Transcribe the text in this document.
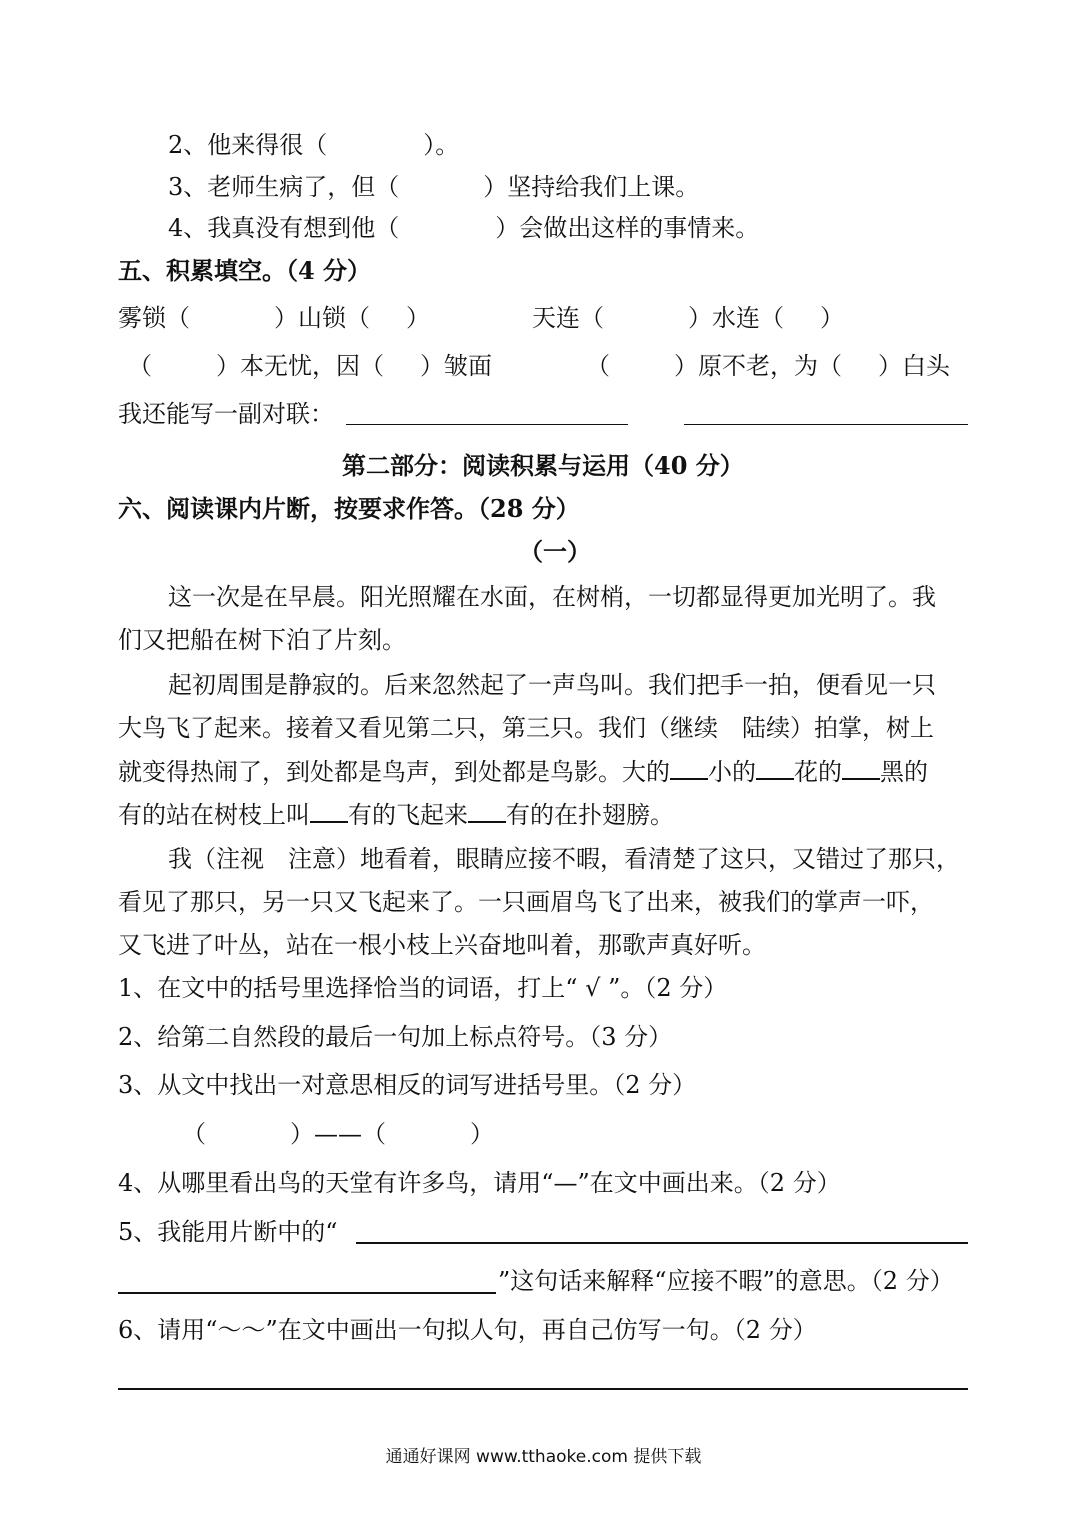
2、他来得很（	）。
3、老师生病了，但（	）坚持给我们上课。
4、我真没有想到他（	）会做出这样的事情来。
五、积累填空。（4 分）
雾锁（	）山锁（ ）	天连（	）水连（ ）
（	）本无忧，因（ ）皱面	（	）原不老，为（ ）白头
我还能写一副对联：
第二部分：阅读积累与运用（40 分）
六、阅读课内片断，按要求作答。（28 分）
（一）
这一次是在早晨。阳光照耀在水面，在树梢，一切都显得更加光明了。我
们又把船在树下泊了片刻。
起初周围是静寂的。后来忽然起了一声鸟叫。我们把手一拍，便看见一只
大鸟飞了起来。接着又看见第二只，第三只。我们（继续　陆续）拍掌，树上
就变得热闹了，到处都是鸟声，到处都是鸟影。大的 小的 花的 黑的
有的站在树枝上叫 有的飞起来 有的在扑翅膀。
我（注视　注意）地看着，眼睛应接不暇，看清楚了这只，又错过了那只，
看见了那只，另一只又飞起来了。一只画眉鸟飞了出来，被我们的掌声一吓，
又飞进了叶丛，站在一根小枝上兴奋地叫着，那歌声真好听。
1、在文中的括号里选择恰当的词语，打上“ √ ”。（2 分）
2、给第二自然段的最后一句加上标点符号。（3 分）
3、从文中找出一对意思相反的词写进括号里。（2 分）
（	）——（	）
4、从哪里看出鸟的天堂有许多鸟，请用“—”在文中画出来。（2 分）
5、我能用片断中的“
”这句话来解释“应接不暇”的意思。（2 分）
6、请用“～～”在文中画出一句拟人句，再自己仿写一句。（2 分）
通通好课网 www.tthaoke.com 提供下载
